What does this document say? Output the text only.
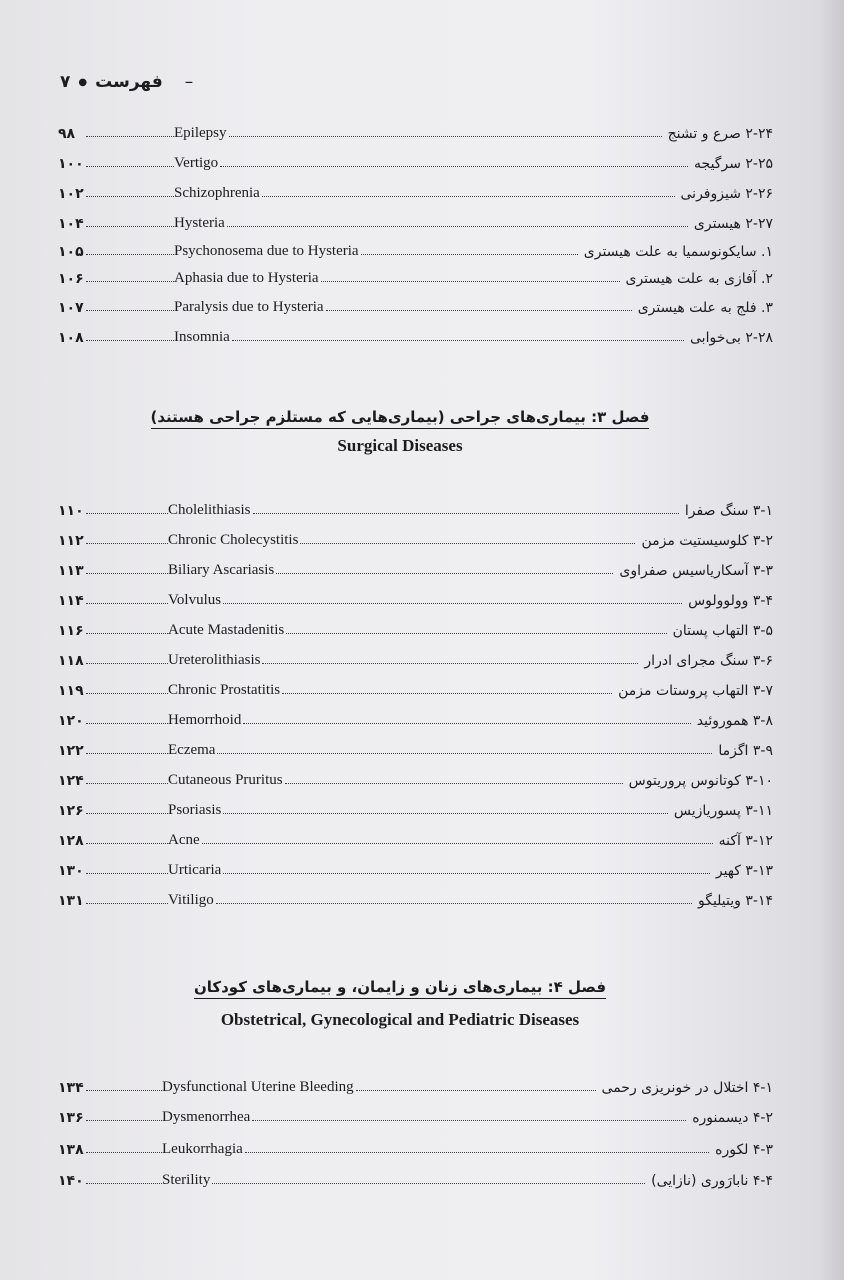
۷ ● فهرست –
۹۸	Epilepsy	۲-۲۴ صرع و تشنج
۱۰۰	Vertigo	۲-۲۵ سرگیجه
۱۰۲	Schizophrenia	۲-۲۶ شیزوفرنی
۱۰۴	Hysteria	۲-۲۷ هیستری
۱۰۵	Psychonosema due to Hysteria	۱. سایکونوسمیا به علت هیستری
۱۰۶	Aphasia due to Hysteria	۲. آفازی به علت هیستری
۱۰۷	Paralysis due to Hysteria	۳. فلج به علت هیستری
۱۰۸	Insomnia	۲-۲۸ بی‌خوابی
فصل ۳: بیماری‌های جراحی (بیماری‌هایی که مستلزم جراحی هستند)
Surgical Diseases
۱۱۰	Cholelithiasis	۳-۱ سنگ صفرا
۱۱۲	Chronic Cholecystitis	۳-۲ کلوسیستیت مزمن
۱۱۳	Biliary Ascariasis	۳-۳ آسکاریاسیس صفراوی
۱۱۴	Volvulus	۳-۴ وولوولوس
۱۱۶	Acute Mastadenitis	۳-۵ التهاب پستان
۱۱۸	Ureterolithiasis	۳-۶ سنگ مجرای ادرار
۱۱۹	Chronic Prostatitis	۳-۷ التهاب پروستات مزمن
۱۲۰	Hemorrhoid	۳-۸ هموروئید
۱۲۲	Eczema	۳-۹ اگزما
۱۲۴	Cutaneous Pruritus	۳-۱۰ کوتانوس پروریتوس
۱۲۶	Psoriasis	۳-۱۱ پسوریازیس
۱۲۸	Acne	۳-۱۲ آکنه
۱۳۰	Urticaria	۳-۱۳ کهیر
۱۳۱	Vitiligo	۳-۱۴ ویتیلیگو
فصل ۴: بیماری‌های زنان و زایمان، و بیماری‌های کودکان
Obstetrical, Gynecological and Pediatric Diseases
۱۳۴	Dysfunctional Uterine Bleeding	۴-۱ اختلال در خونریزی رحمی
۱۳۶	Dysmenorrhea	۴-۲ دیسمنوره
۱۳۸	Leukorrhagia	۴-۳ لکوره
۱۴۰	Sterility	۴-۴ نابارَوری (نازایی)
